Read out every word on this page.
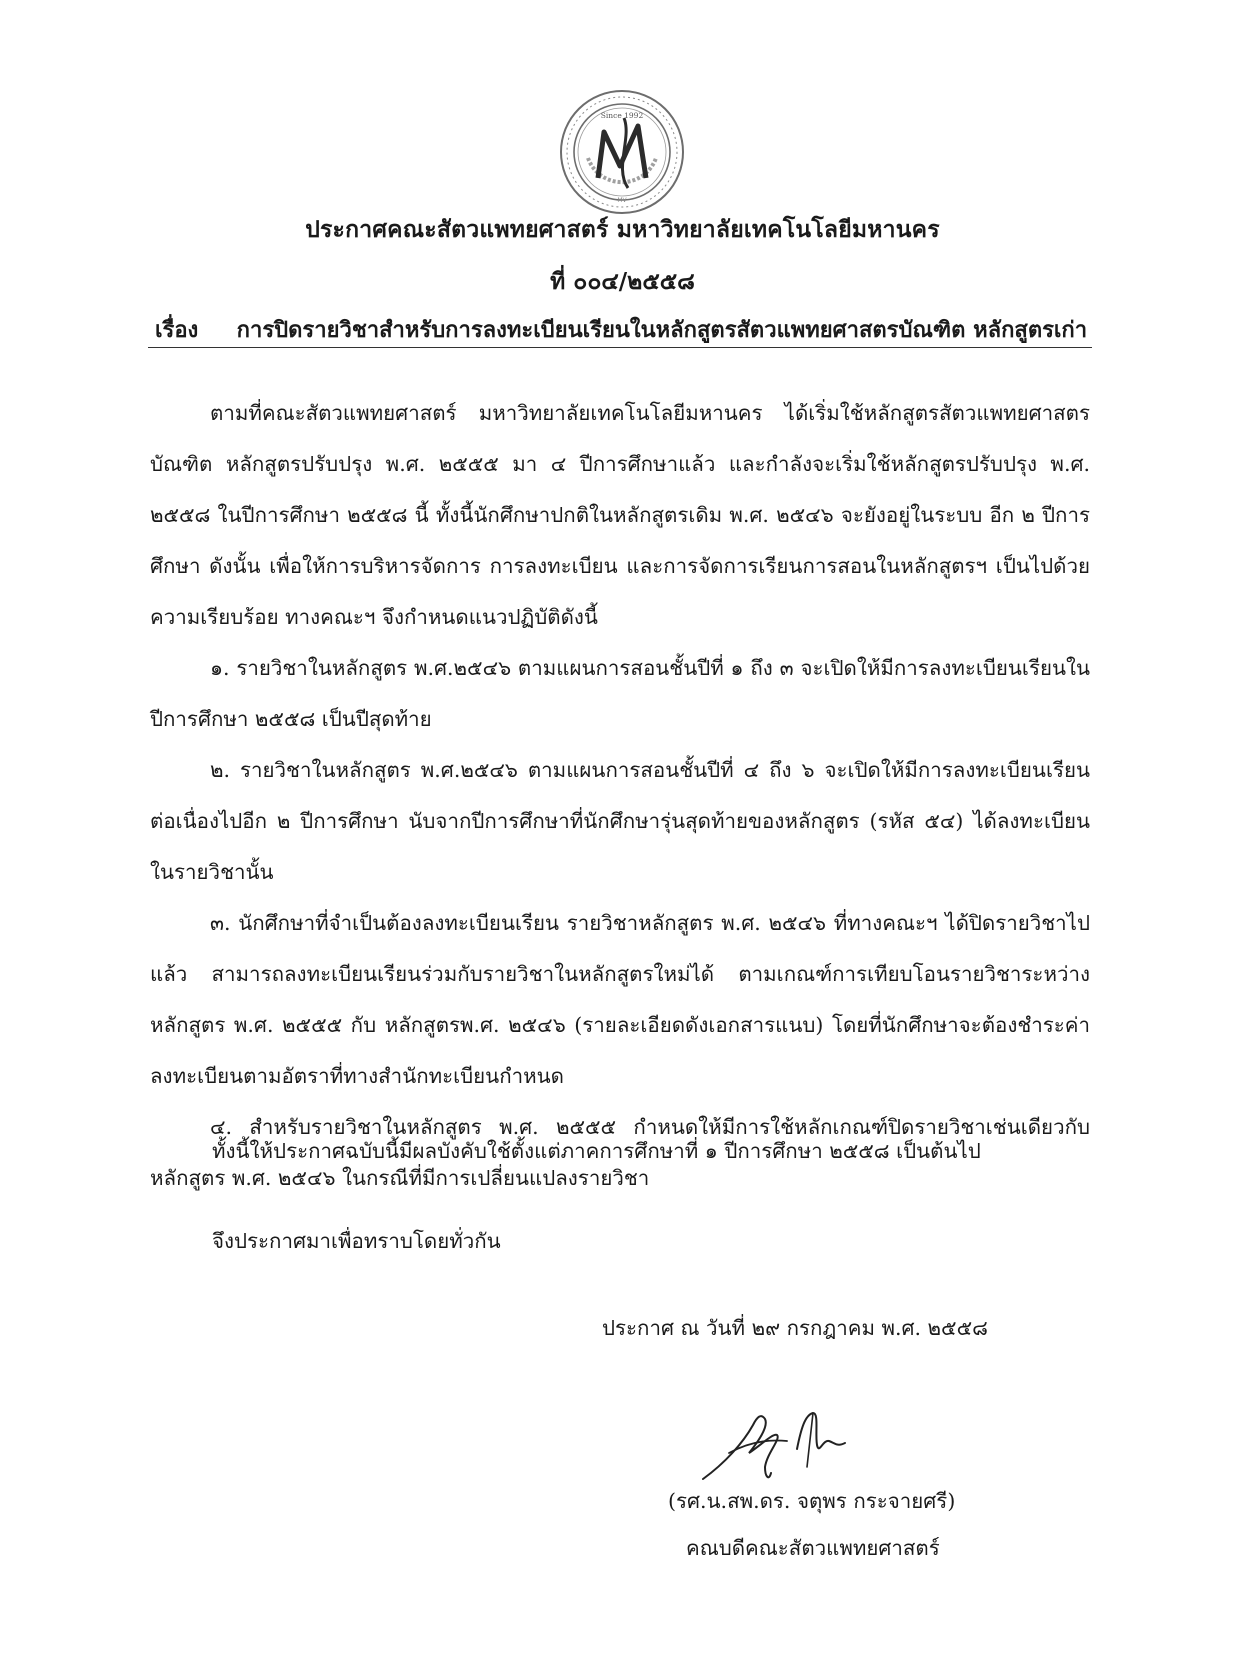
Since 1992
MV
ประกาศคณะสัตวแพทยศาสตร์ มหาวิทยาลัยเทคโนโลยีมหานคร
ที่ ๐๐๔/๒๕๕๘
เรื่อง การปิดรายวิชาสำหรับการลงทะเบียนเรียนในหลักสูตรสัตวแพทยศาสตรบัณฑิต หลักสูตรเก่า

ตามที่คณะสัตวแพทยศาสตร์ มหาวิทยาลัยเทคโนโลยีมหานคร ได้เริ่มใช้หลักสูตรสัตวแพทยศาสตรบัณฑิต หลักสูตรปรับปรุง พ.ศ. ๒๕๕๕ มา ๔ ปีการศึกษาแล้ว และกำลังจะเริ่มใช้หลักสูตรปรับปรุง พ.ศ. ๒๕๕๘ ในปีการศึกษา ๒๕๕๘ นี้ ทั้งนี้นักศึกษาปกติในหลักสูตรเดิม พ.ศ. ๒๕๔๖ จะยังอยู่ในระบบ อีก ๒ ปีการศึกษา ดังนั้น เพื่อให้การบริหารจัดการ การลงทะเบียน และการจัดการเรียนการสอนในหลักสูตรฯ เป็นไปด้วยความเรียบร้อย ทางคณะฯ จึงกำหนดแนวปฏิบัติดังนี้

๑. รายวิชาในหลักสูตร พ.ศ.๒๕๔๖ ตามแผนการสอนชั้นปีที่ ๑ ถึง ๓ จะเปิดให้มีการลงทะเบียนเรียนในปีการศึกษา ๒๕๕๘ เป็นปีสุดท้าย

๒. รายวิชาในหลักสูตร พ.ศ.๒๕๔๖ ตามแผนการสอนชั้นปีที่ ๔ ถึง ๖ จะเปิดให้มีการลงทะเบียนเรียนต่อเนื่องไปอีก ๒ ปีการศึกษา นับจากปีการศึกษาที่นักศึกษารุ่นสุดท้ายของหลักสูตร (รหัส ๕๔) ได้ลงทะเบียนในรายวิชานั้น

๓. นักศึกษาที่จำเป็นต้องลงทะเบียนเรียน รายวิชาหลักสูตร พ.ศ. ๒๕๔๖ ที่ทางคณะฯ ได้ปิดรายวิชาไปแล้ว สามารถลงทะเบียนเรียนร่วมกับรายวิชาในหลักสูตรใหม่ได้ ตามเกณฑ์การเทียบโอนรายวิชาระหว่างหลักสูตร พ.ศ. ๒๕๕๕ กับ หลักสูตรพ.ศ. ๒๕๔๖ (รายละเอียดดังเอกสารแนบ) โดยที่นักศึกษาจะต้องชำระค่าลงทะเบียนตามอัตราที่ทางสำนักทะเบียนกำหนด

๔. สำหรับรายวิชาในหลักสูตร พ.ศ. ๒๕๕๕ กำหนดให้มีการใช้หลักเกณฑ์ปิดรายวิชาเช่นเดียวกับหลักสูตร พ.ศ. ๒๕๔๖ ในกรณีที่มีการเปลี่ยนแปลงรายวิชา

ทั้งนี้ให้ประกาศฉบับนี้มีผลบังคับใช้ตั้งแต่ภาคการศึกษาที่ ๑ ปีการศึกษา ๒๕๕๘ เป็นต้นไป
จึงประกาศมาเพื่อทราบโดยทั่วกัน
ประกาศ ณ วันที่ ๒๙ กรกฎาคม พ.ศ. ๒๕๕๘
(รศ.น.สพ.ดร. จตุพร กระจายศรี)
คณบดีคณะสัตวแพทยศาสตร์
